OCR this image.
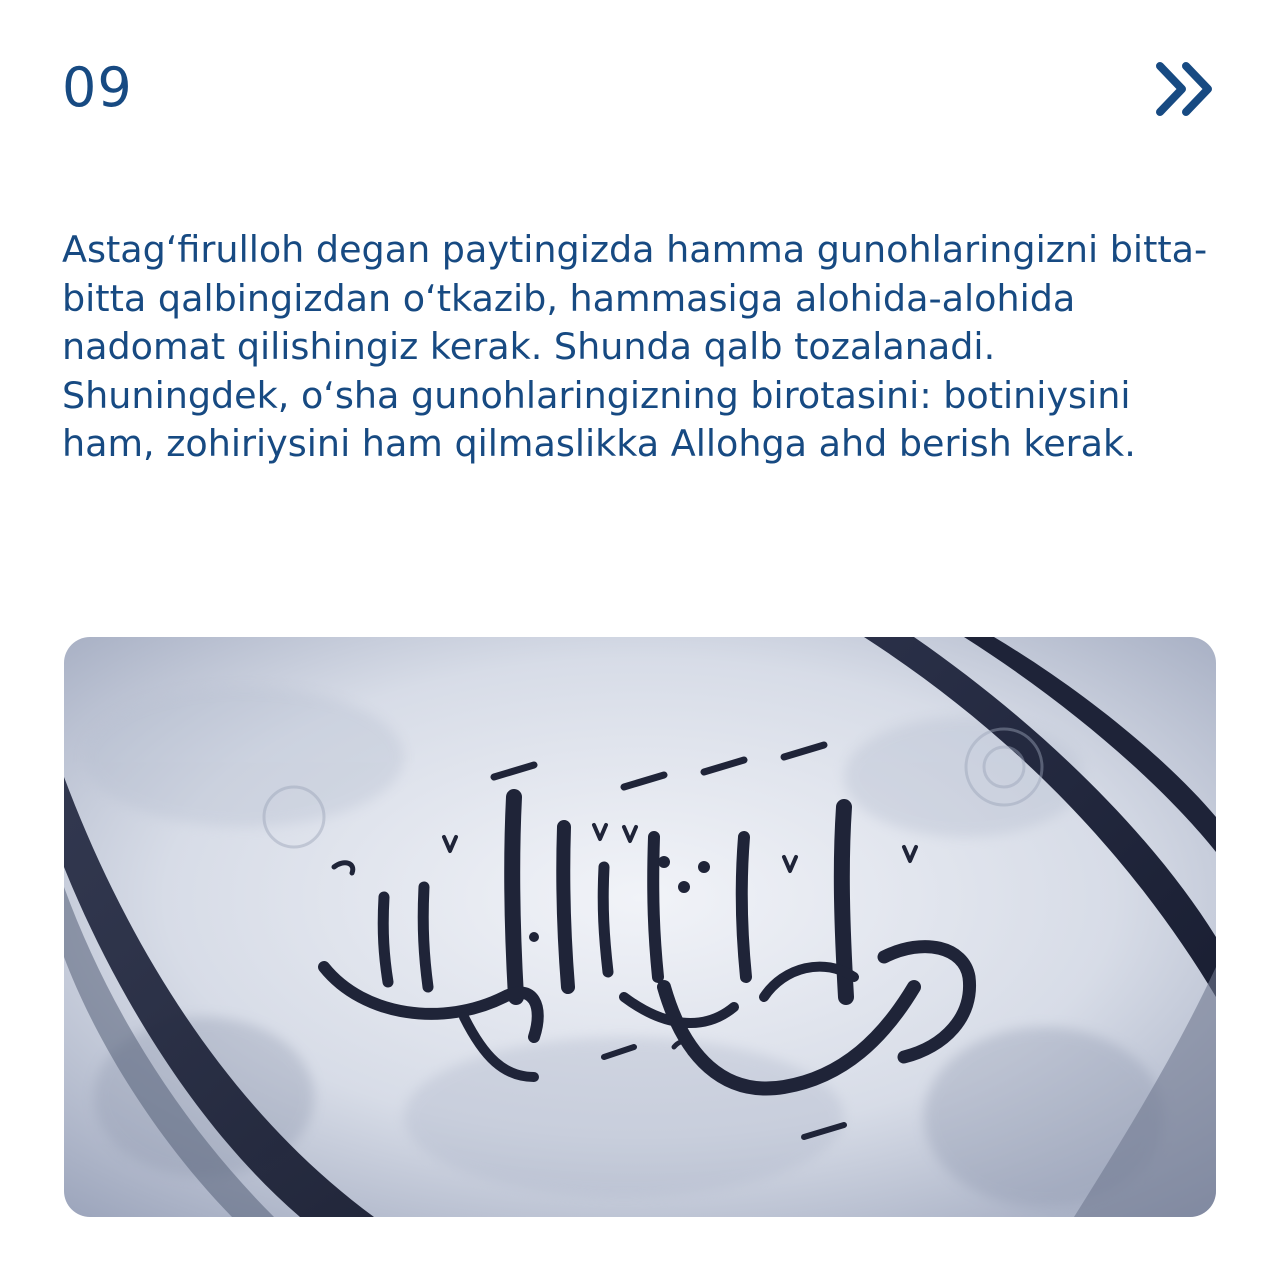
09

Astag‘firulloh degan paytingizda hamma gunohlaringizni bitta-bitta qalbingizdan o‘tkazib, hammasiga alohida-alohida nadomat qilishingiz kerak. Shunda qalb tozalanadi. Shuningdek, o‘sha gunohlaringizning birotasini: botiniysini ham, zohiriysini ham qilmaslikka Allohga ahd berish kerak.
